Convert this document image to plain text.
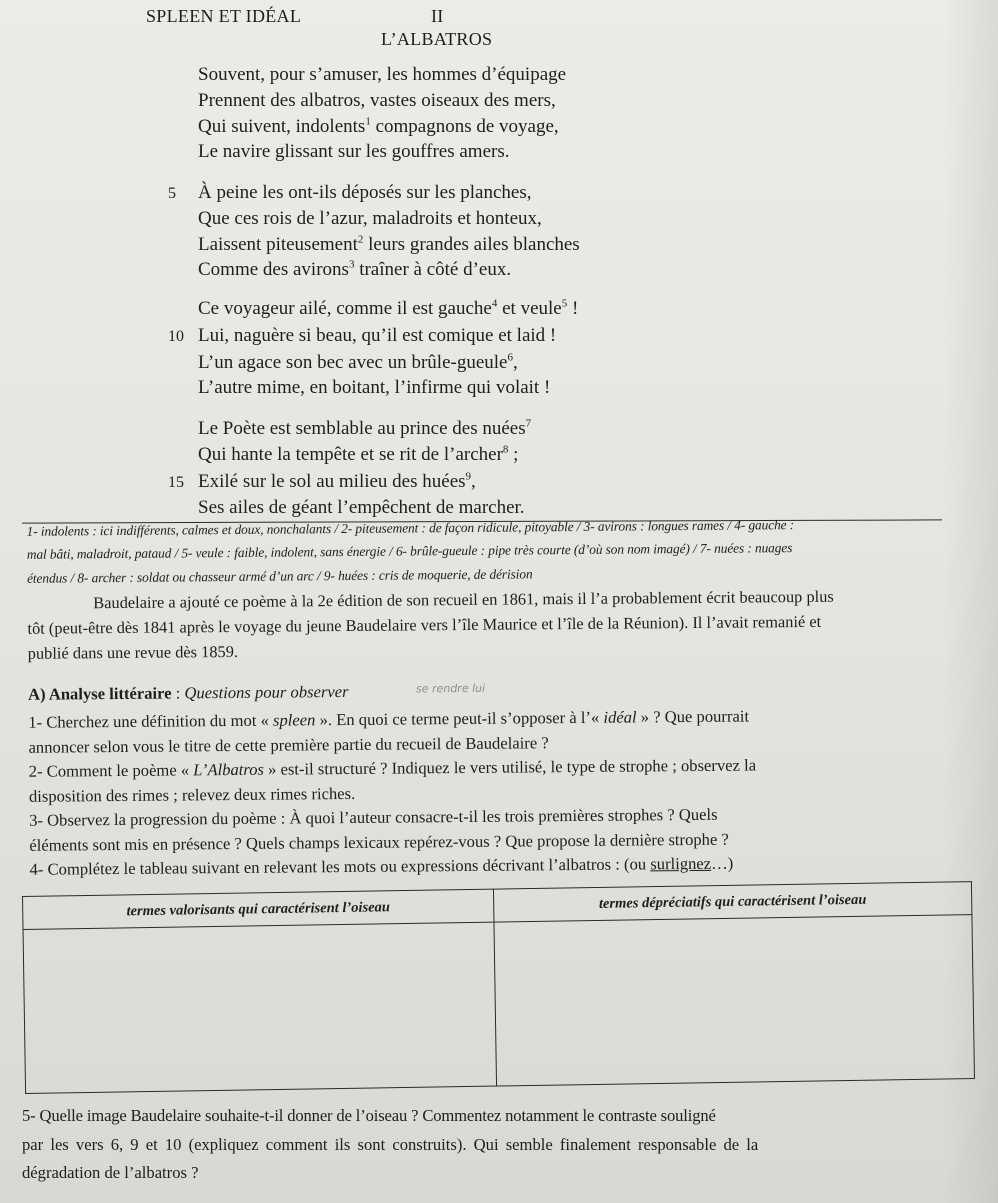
SPLEEN ET IDÉAL	II
L’ALBATROS
Souvent, pour s’amuser, les hommes d’équipage
Prennent des albatros, vastes oiseaux des mers,
Qui suivent, indolents$^1$ compagnons de voyage,
Le navire glissant sur les gouffres amers.
5 À peine les ont-ils déposés sur les planches,
Que ces rois de l’azur, maladroits et honteux,
Laissent piteusement$^2$ leurs grandes ailes blanches
Comme des avirons$^3$ traîner à côté d’eux.
Ce voyageur ailé, comme il est gauche$^4$ et veule$^5$ !
10 Lui, naguère si beau, qu’il est comique et laid !
L’un agace son bec avec un brûle-gueule$^6$,
L’autre mime, en boitant, l’infirme qui volait !
Le Poète est semblable au prince des nuées$^7$
Qui hante la tempête et se rit de l’archer$^8$ ;
15 Exilé sur le sol au milieu des huées$^9$,
Ses ailes de géant l’empêchent de marcher.
1- indolents : ici indifférents, calmes et doux, nonchalants / 2- piteusement : de façon ridicule, pitoyable / 3- avirons : longues rames / 4- gauche :
mal bâti, maladroit, pataud / 5- veule : faible, indolent, sans énergie / 6- brûle-gueule : pipe très courte (d’où son nom imagé) / 7- nuées : nuages
étendus / 8- archer : soldat ou chasseur armé d’un arc / 9- huées : cris de moquerie, de dérision
Baudelaire a ajouté ce poème à la 2e édition de son recueil en 1861, mais il l’a probablement écrit beaucoup plus
tôt (peut-être dès 1841 après le voyage du jeune Baudelaire vers l’île Maurice et l’île de la Réunion). Il l’avait remanié et
publié dans une revue dès 1859.
A) Analyse littéraire : Questions pour observer	se rendre lui
1- Cherchez une définition du mot « spleen ». En quoi ce terme peut-il s’opposer à l’« idéal » ? Que pourrait
annoncer selon vous le titre de cette première partie du recueil de Baudelaire ?
2- Comment le poème « L’Albatros » est-il structuré ? Indiquez le vers utilisé, le type de strophe ; observez la
disposition des rimes ; relevez deux rimes riches.
3- Observez la progression du poème : À quoi l’auteur consacre-t-il les trois premières strophes ? Quels
éléments sont mis en présence ? Quels champs lexicaux repérez-vous ? Que propose la dernière strophe ?
4- Complétez le tableau suivant en relevant les mots ou expressions décrivant l’albatros : (ou surlignez…)
termes valorisants qui caractérisent l’oiseau	termes dépréciatifs qui caractérisent l’oiseau

5- Quelle image Baudelaire souhaite-t-il donner de l’oiseau ? Commentez notamment le contraste souligné
par les vers 6, 9 et 10 (expliquez comment ils sont construits). Qui semble finalement responsable de la
dégradation de l’albatros ?
